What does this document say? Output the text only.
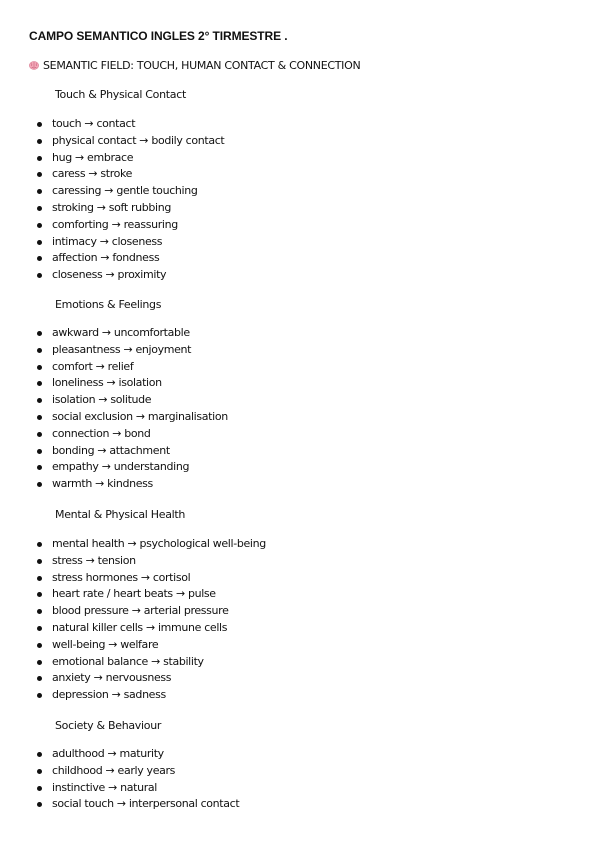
CAMPO SEMANTICO INGLES 2° TIRMESTRE .
SEMANTIC FIELD: TOUCH, HUMAN CONTACT & CONNECTION
Touch & Physical Contact
touch → contact
physical contact → bodily contact
hug → embrace
caress → stroke
caressing → gentle touching
stroking → soft rubbing
comforting → reassuring
intimacy → closeness
affection → fondness
closeness → proximity
Emotions & Feelings
awkward → uncomfortable
pleasantness → enjoyment
comfort → relief
loneliness → isolation
isolation → solitude
social exclusion → marginalisation
connection → bond
bonding → attachment
empathy → understanding
warmth → kindness
Mental & Physical Health
mental health → psychological well-being
stress → tension
stress hormones → cortisol
heart rate / heart beats → pulse
blood pressure → arterial pressure
natural killer cells → immune cells
well-being → welfare
emotional balance → stability
anxiety → nervousness
depression → sadness
Society & Behaviour
adulthood → maturity
childhood → early years
instinctive → natural
social touch → interpersonal contact
